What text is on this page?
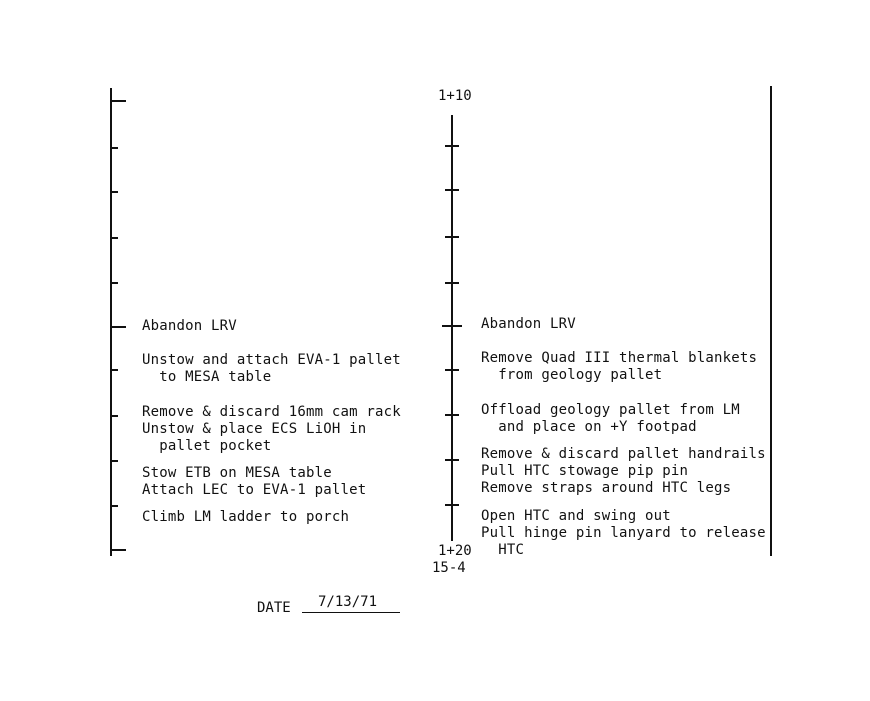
1+10
1+20
15-4
Abandon LRV
Unstow and attach EVA-1 pallet
to MESA table
Remove & discard 16mm cam rack
Unstow & place ECS LiOH in
pallet pocket
Stow ETB on MESA table
Attach LEC to EVA-1 pallet
Climb LM ladder to porch
Abandon LRV
Remove Quad III thermal blankets
from geology pallet
Offload geology pallet from LM
and place on +Y footpad
Remove & discard pallet handrails
Pull HTC stowage pip pin
Remove straps around HTC legs
Open HTC and swing out
Pull hinge pin lanyard to release
HTC
DATE 7/13/71
